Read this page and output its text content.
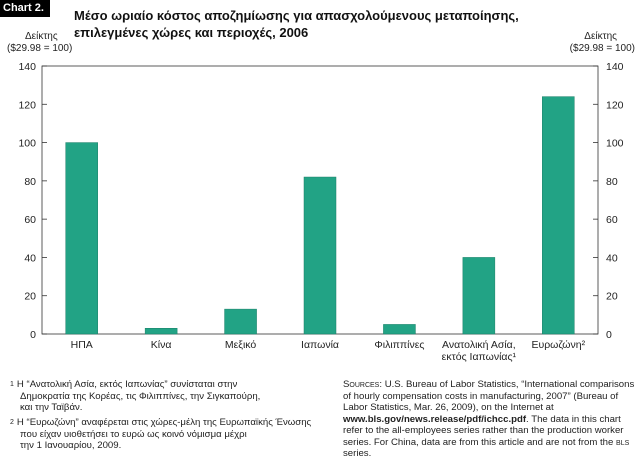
Chart 2.	Μέσο ωριαίο κόστος αποζημίωσης για απασχολούμενους μεταποίησης,
επιλεγμένες χώρες και περιοχές, 2006
Δείκτης
($29.98 = 100)
Δείκτης
($29.98 = 100)
0	0
20	20
40	40
60	60
80	80
100	100
120	120
140	140
ΗΠΑ	Κίνα	Μεξικό	Ιαπωνία	Φιλιππίνες Ανατολική Ασία,
εκτός Ιαπωνίας¹
Ευρωζώνη²
$^1$ Η “Ανατολική Ασία, εκτός Ιαπωνίας” συνίσταται στην
Δημοκρατία της Κορέας, τις Φιλιππίνες, την Σιγκαπούρη,
και την Ταϊβάν.
$^2$ Η “Ευρωζώνη” αναφέρεται στις χώρες-μέλη της Ευρωπαϊκής Ένωσης
που είχαν υιοθετήσει το ευρώ ως κοινό νόμισμα μέχρι
την 1 Ιανουαρίου, 2009.
Sources: U.S. Bureau of Labor Statistics, “International comparisons of hourly compensation costs in manufacturing, 2007” (Bureau of Labor Statistics, Mar. 26, 2009), on the Internet at www.bls.gov/news.release/pdf/ichcc.pdf. The data in this chart refer to the all-employees series rather than the production worker series. For China, data are from this article and are not from the bls series.
